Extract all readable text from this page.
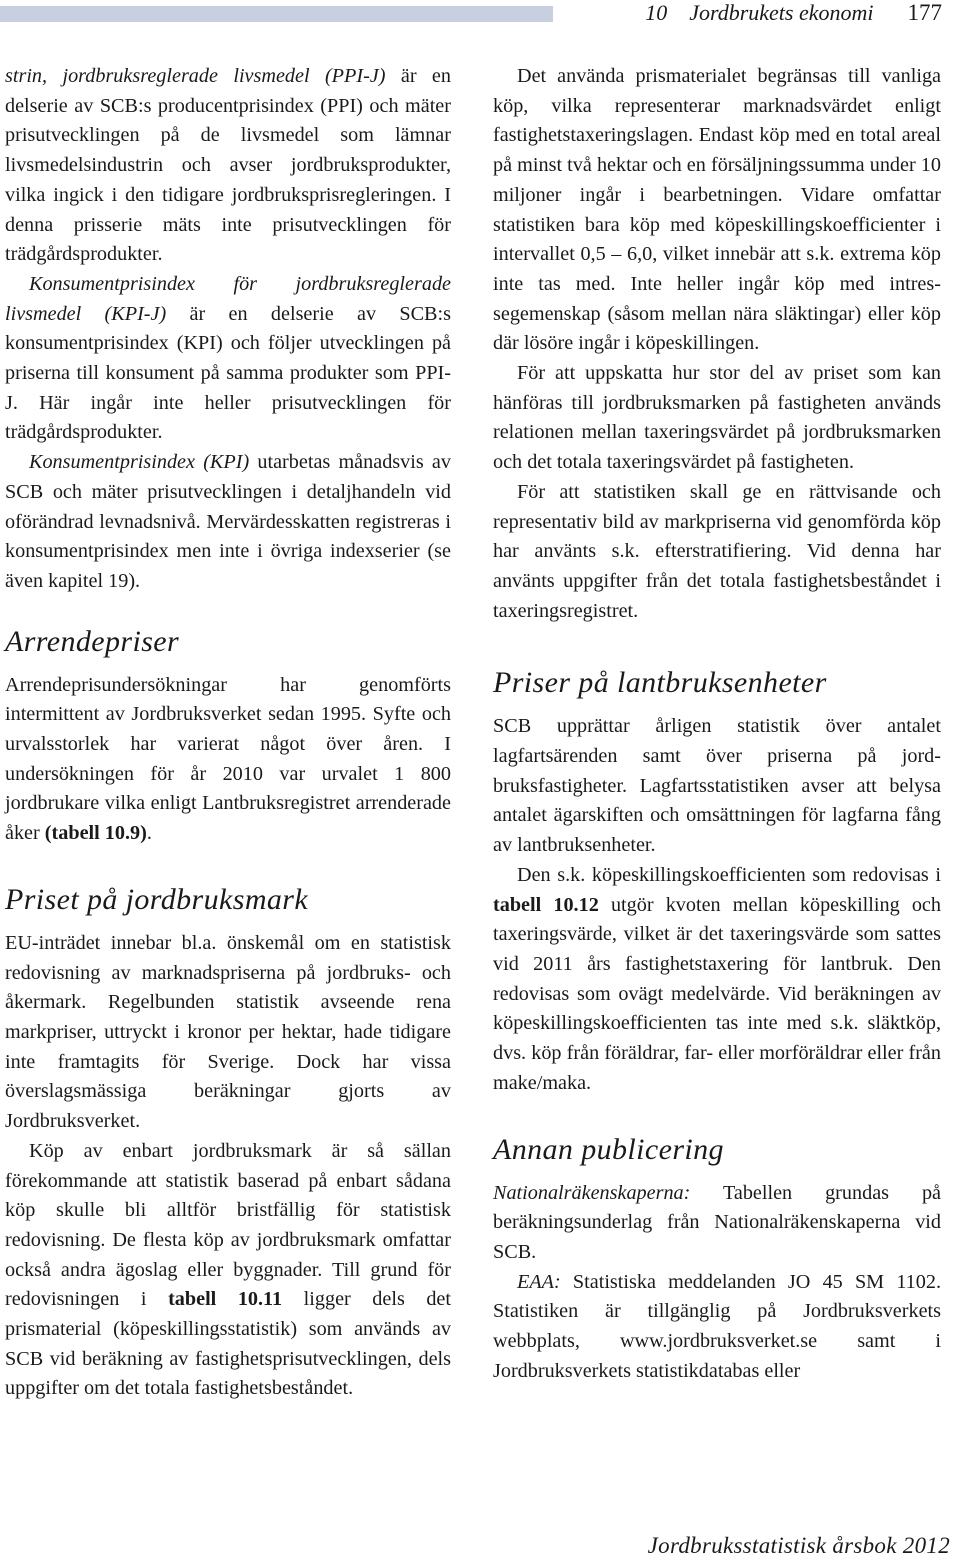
10 Jordbrukets ekonomi 177

strin, jordbruksreglerade livsmedel (PPI-J) är en delserie av SCB:s producentprisindex (PPI) och mäter prisutvecklingen på de livsmedel som lämnar livsmedelsindustrin och avser jordbruksprodukter, vilka ingick i den tidigare jordbruksprisregleringen. I denna prisserie mäts inte prisutvecklingen för trädgårdsprodukter.

Konsumentprisindex för jordbruksreglerade livsmedel (KPI-J) är en delserie av SCB:s konsumentprisindex (KPI) och följer utvecklingen på priserna till konsument på samma produkter som PPI-J. Här ingår inte heller prisutvecklingen för trädgårdsprodukter.

Konsumentprisindex (KPI) utarbetas månadsvis av SCB och mäter prisutvecklingen i detaljhandeln vid oförändrad levnadsnivå. Mervärdesskatten registreras i konsumentprisindex men inte i övriga indexserier (se även kapitel 19).

Arrendepriser

Arrendeprisundersökningar har genomförts intermittent av Jordbruksverket sedan 1995. Syfte och urvalsstorlek har varierat något över åren. I undersökningen för år 2010 var urvalet 1 800 jordbrukare vilka enligt Lantbruksregistret arrenderade åker (tabell 10.9).

Priset på jordbruksmark

EU-inträdet innebar bl.a. önskemål om en statistisk redovisning av marknadspriserna på jordbruks- och åkermark. Regelbunden statistik avseende rena markpriser, uttryckt i kronor per hektar, hade tidigare inte framtagits för Sverige. Dock har vissa överslagsmässiga beräkningar gjorts av Jordbruksverket.

Köp av enbart jordbruksmark är så sällan förekommande att statistik baserad på enbart sådana köp skulle bli alltför bristfällig för statistisk redovisning. De flesta köp av jordbruksmark omfattar också andra ägoslag eller byggnader. Till grund för redovisningen i tabell 10.11 ligger dels det prismaterial (köpeskillingsstatistik) som används av SCB vid beräkning av fastighetsprisutvecklingen, dels uppgifter om det totala fastighetsbeståndet.

Det använda prismaterialet begränsas till vanliga köp, vilka representerar marknadsvärdet enligt fastighetstaxeringslagen. Endast köp med en total areal på minst två hektar och en försäljningssumma under 10 miljoner ingår i bearbetningen. Vidare omfattar statistiken bara köp med köpeskillingskoefficienter i intervallet 0,5 – 6,0, vilket innebär att s.k. extrema köp inte tas med. Inte heller ingår köp med intressegemenskap (såsom mellan nära släktingar) eller köp där lösöre ingår i köpeskillingen.

För att uppskatta hur stor del av priset som kan hänföras till jordbruksmarken på fastigheten används relationen mellan taxeringsvärdet på jordbruksmarken och det totala taxeringsvärdet på fastigheten.

För att statistiken skall ge en rättvisande och representativ bild av markpriserna vid genomförda köp har använts s.k. efterstratifiering. Vid denna har använts uppgifter från det totala fastighetsbeståndet i taxeringsregistret.

Priser på lantbruksenheter

SCB upprättar årligen statistik över antalet lagfartsärenden samt över priserna på jordbruksfastigheter. Lagfartsstatistiken avser att belysa antalet ägarskiften och omsättningen för lagfarna fång av lantbruksenheter.

Den s.k. köpeskillingskoefficienten som redovisas i tabell 10.12 utgör kvoten mellan köpeskilling och taxeringsvärde, vilket är det taxeringsvärde som sattes vid 2011 års fastighetstaxering för lantbruk. Den redovisas som ovägt medelvärde. Vid beräkningen av köpeskillingskoefficienten tas inte med s.k. släktköp, dvs. köp från föräldrar, far- eller morföräldrar eller från make/maka.

Annan publicering

Nationalräkenskaperna: Tabellen grundas på beräkningsunderlag från Nationalräkenskaperna vid SCB.

EAA: Statistiska meddelanden JO 45 SM 1102. Statistiken är tillgänglig på Jordbruksverkets webbplats, www.jordbruksverket.se samt i Jordbruksverkets statistikdatabas eller

Jordbruksstatistisk årsbok 2012
